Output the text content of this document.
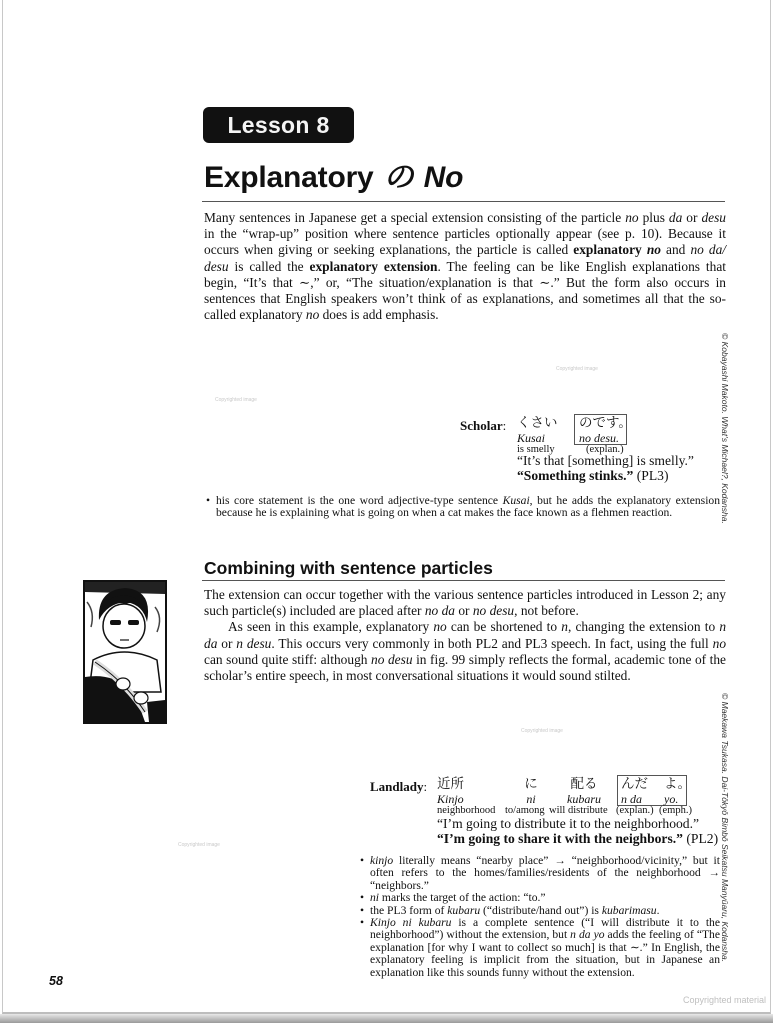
Lesson 8
Explanatory の No

Many sentences in Japanese get a special extension consisting of the particle no plus da or desu in the “wrap-up” position where sentence particles optionally appear (see p. 10). Because it occurs when giving or seeking explanations, the particle is called explanatory no and no da/ desu is called the explanatory extension. The feeling can be like English explanations that begin, “It’s that ∼,” or, “The situation/explanation is that ∼.” But the form also occurs in sentences that English speakers won’t think of as explanations, and sometimes all that the so-called explanatory no does is add emphasis.

Copyrighted image
Copyrighted image
Scholar: くさい
Kusai
is smelly
のです。
no desu.
(explan.)
“It’s that [something] is smelly.”
“Something stinks.” (PL3)
• his core statement is the one word adjective-type sentence Kusai, but he adds the explanatory extension because he is explaining what is going on when a cat makes the face known as a flehmen reaction.	© Kobayashi Makoto. What’s Michael?, Kodansha.
Combining with sentence particles

The extension can occur together with the various sentence particles introduced in Lesson 2; any such particle(s) included are placed after no da or no desu, not before.

As seen in this example, explanatory no can be shortened to n, changing the extension to n da or n desu. This occurs very commonly in both PL2 and PL3 speech. In fact, using the full no can sound quite stiff: although no desu in fig. 99 simply reflects the formal, academic tone of the scholar’s entire speech, in most conversational situations it would sound stilted.

Copyrighted image
Copyrighted image
Landlady: 近所
Kinjo
neighborhood
に
ni
to/among
配る
kubaru
will distribute
んだ
n da
(explan.)
よ。
yo.
(emph.)
“I’m going to distribute it to the neighborhood.”
“I’m going to share it with the neighbors.” (PL2)
• kinjo literally means “nearby place” → “neighborhood/vicinity,” but it often refers to the homes/families/residents of the neighborhood → “neighbors.”
• ni marks the target of the action: “to.”
• the PL3 form of kubaru (“distribute/hand out”) is kubarimasu.
• Kinjo ni kubaru is a complete sentence (“I will distribute it to the neighborhood”) without the extension, but n da yo adds the feeling of “The explanation [for why I want to collect so much] is that ∼.” In English, the explanatory feeling is implicit from the situation, but in Japanese an explanation like this sounds funny without the extension.
© Maekawa Tsukasa. Dai-Tōkyō Bimbō Seikatsu Manyūaru, Kodansha.
58
Copyrighted material
